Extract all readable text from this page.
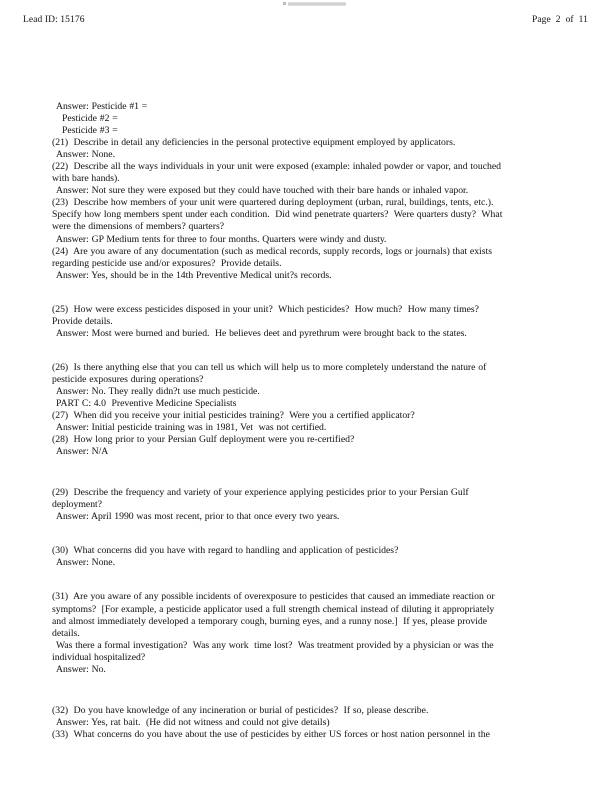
Lead ID: 15176	Page  2  of  11
Answer: Pesticide #1 =
Pesticide #2 =
Pesticide #3 =
(21)  Describe in detail any deficiencies in the personal protective equipment employed by applicators.
Answer: None.
(22)  Describe all the ways individuals in your unit were exposed (example: inhaled powder or vapor, and touched
with bare hands).
Answer: Not sure they were exposed but they could have touched with their bare hands or inhaled vapor.
(23)  Describe how members of your unit were quartered during deployment (urban, rural, buildings, tents, etc.).
Specify how long members spent under each condition.  Did wind penetrate quarters?  Were quarters dusty?  What
were the dimensions of members? quarters?
Answer: GP Medium tents for three to four months. Quarters were windy and dusty.
(24)  Are you aware of any documentation (such as medical records, supply records, logs or journals) that exists
regarding pesticide use and/or exposures?  Provide details.
Answer: Yes, should be in the 14th Preventive Medical unit?s records.
(25)  How were excess pesticides disposed in your unit?  Which pesticides?  How much?  How many times?
Provide details.
Answer: Most were burned and buried.  He believes deet and pyrethrum were brought back to the states.
(26)  Is there anything else that you can tell us which will help us to more completely understand the nature of
pesticide exposures during operations?
Answer: No. They really didn?t use much pesticide.
PART C: 4.0  Preventive Medicine Specialists
(27)  When did you receive your initial pesticides training?  Were you a certified applicator?
Answer: Initial pesticide training was in 1981, Vet  was not certified.
(28)  How long prior to your Persian Gulf deployment were you re-certified?
Answer: N/A
(29)  Describe the frequency and variety of your experience applying pesticides prior to your Persian Gulf
deployment?
Answer: April 1990 was most recent, prior to that once every two years.
(30)  What concerns did you have with regard to handling and application of pesticides?
Answer: None.
(31)  Are you aware of any possible incidents of overexposure to pesticides that caused an immediate reaction or
symptoms?  [For example, a pesticide applicator used a full strength chemical instead of diluting it appropriately
and almost immediately developed a temporary cough, burning eyes, and a runny nose.]  If yes, please provide
details.
Was there a formal investigation?  Was any work  time lost?  Was treatment provided by a physician or was the
individual hospitalized?
Answer: No.
(32)  Do you have knowledge of any incineration or burial of pesticides?  If so, please describe.
Answer: Yes, rat bait.  (He did not witness and could not give details)
(33)  What concerns do you have about the use of pesticides by either US forces or host nation personnel in the
